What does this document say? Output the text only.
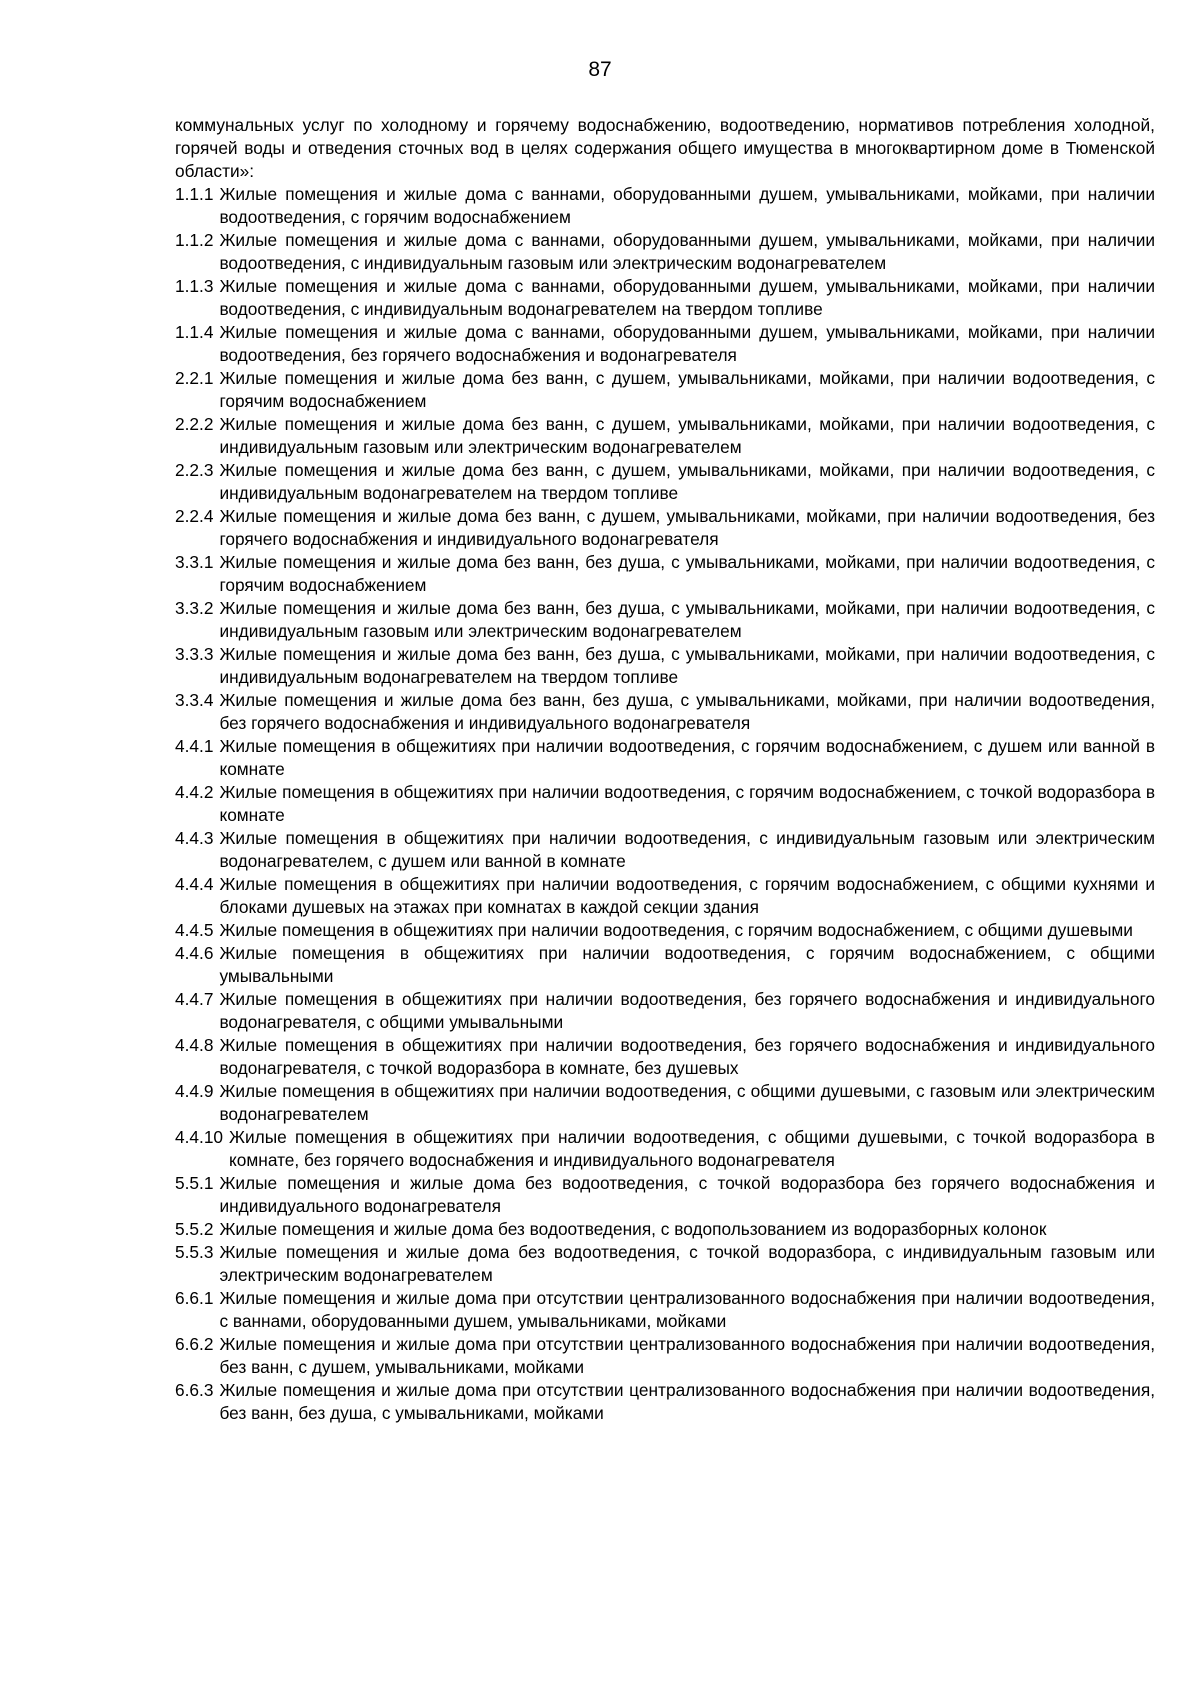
87

коммунальных услуг по холодному и горячему водоснабжению, водоотведению, нормативов потребления холодной, горячей воды и отведения сточных вод в целях содержания общего имущества в многоквартирном доме в Тюменской области»:

1.1.1 Жилые помещения и жилые дома с ваннами, оборудованными душем, умывальниками, мойками, при наличии водоотведения, с горячим водоснабжением
1.1.2 Жилые помещения и жилые дома с ваннами, оборудованными душем, умывальниками, мойками, при наличии водоотведения, с индивидуальным газовым или электрическим водонагревателем
1.1.3 Жилые помещения и жилые дома с ваннами, оборудованными душем, умывальниками, мойками, при наличии водоотведения, с индивидуальным водонагревателем на твердом топливе
1.1.4 Жилые помещения и жилые дома с ваннами, оборудованными душем, умывальниками, мойками, при наличии водоотведения, без горячего водоснабжения и водонагревателя
2.2.1 Жилые помещения и жилые дома без ванн, с душем, умывальниками, мойками, при наличии водоотведения, с горячим водоснабжением
2.2.2 Жилые помещения и жилые дома без ванн, с душем, умывальниками, мойками, при наличии водоотведения, с индивидуальным газовым или электрическим водонагревателем
2.2.3 Жилые помещения и жилые дома без ванн, с душем, умывальниками, мойками, при наличии водоотведения, с индивидуальным водонагревателем на твердом топливе
2.2.4 Жилые помещения и жилые дома без ванн, с душем, умывальниками, мойками, при наличии водоотведения, без горячего водоснабжения и индивидуального водонагревателя
3.3.1 Жилые помещения и жилые дома без ванн, без душа, с умывальниками, мойками, при наличии водоотведения, с горячим водоснабжением
3.3.2 Жилые помещения и жилые дома без ванн, без душа, с умывальниками, мойками, при наличии водоотведения, с индивидуальным газовым или электрическим водонагревателем
3.3.3 Жилые помещения и жилые дома без ванн, без душа, с умывальниками, мойками, при наличии водоотведения, с индивидуальным водонагревателем на твердом топливе
3.3.4 Жилые помещения и жилые дома без ванн, без душа, с умывальниками, мойками, при наличии водоотведения, без горячего водоснабжения и индивидуального водонагревателя
4.4.1 Жилые помещения в общежитиях при наличии водоотведения, с горячим водоснабжением, с душем или ванной в комнате
4.4.2 Жилые помещения в общежитиях при наличии водоотведения, с горячим водоснабжением, с точкой водоразбора в комнате
4.4.3 Жилые помещения в общежитиях при наличии водоотведения, с индивидуальным газовым или электрическим водонагревателем, с душем или ванной в комнате
4.4.4 Жилые помещения в общежитиях при наличии водоотведения, с горячим водоснабжением, с общими кухнями и блоками душевых на этажах при комнатах в каждой секции здания
4.4.5 Жилые помещения в общежитиях при наличии водоотведения, с горячим водоснабжением, с общими душевыми
4.4.6 Жилые помещения в общежитиях при наличии водоотведения, с горячим водоснабжением, с общими умывальными
4.4.7 Жилые помещения в общежитиях при наличии водоотведения, без горячего водоснабжения и индивидуального водонагревателя, с общими умывальными
4.4.8 Жилые помещения в общежитиях при наличии водоотведения, без горячего водоснабжения и индивидуального водонагревателя, с точкой водоразбора в комнате, без душевых
4.4.9 Жилые помещения в общежитиях при наличии водоотведения, с общими душевыми, с газовым или электрическим водонагревателем
4.4.10 Жилые помещения в общежитиях при наличии водоотведения, с общими душевыми, с точкой водоразбора в комнате, без горячего водоснабжения и индивидуального водонагревателя
5.5.1 Жилые помещения и жилые дома без водоотведения, с точкой водоразбора без горячего водоснабжения и индивидуального водонагревателя
5.5.2 Жилые помещения и жилые дома без водоотведения, с водопользованием из водоразборных колонок
5.5.3 Жилые помещения и жилые дома без водоотведения, с точкой водоразбора, с индивидуальным газовым или электрическим водонагревателем
6.6.1 Жилые помещения и жилые дома при отсутствии централизованного водоснабжения при наличии водоотведения, с ваннами, оборудованными душем, умывальниками, мойками
6.6.2 Жилые помещения и жилые дома при отсутствии централизованного водоснабжения при наличии водоотведения, без ванн, с душем, умывальниками, мойками
6.6.3 Жилые помещения и жилые дома при отсутствии централизованного водоснабжения при наличии водоотведения, без ванн, без душа, с умывальниками, мойками
